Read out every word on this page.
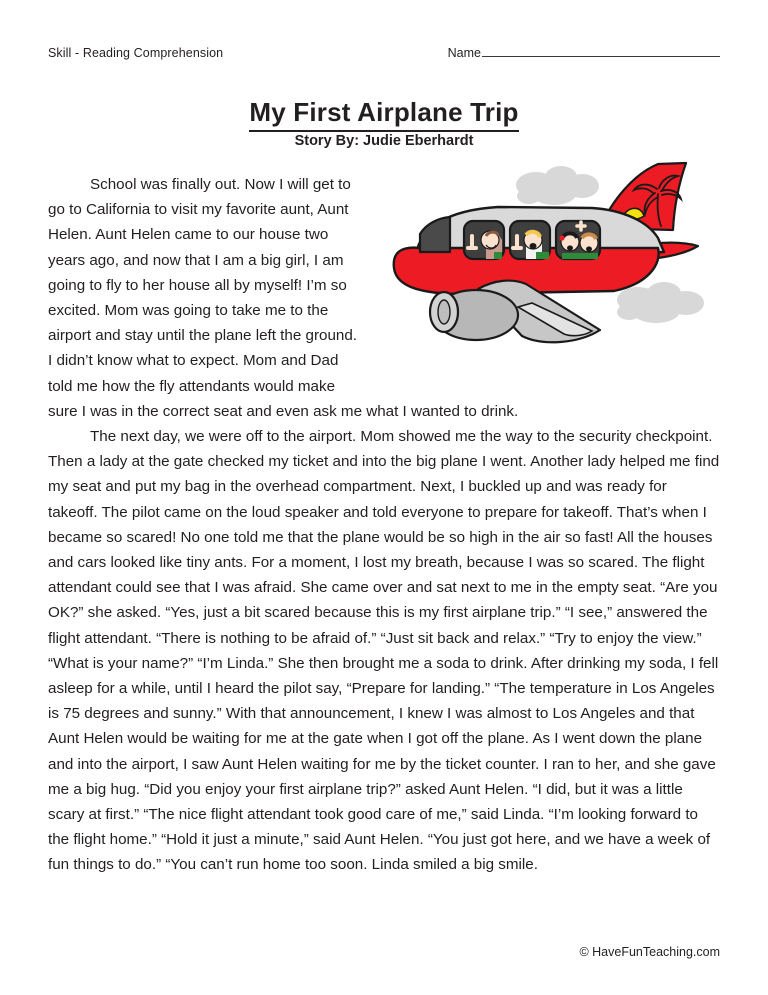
Skill - Reading Comprehension	Name
My First Airplane Trip
Story By: Judie Eberhardt

School was finally out. Now I will get to go to California to visit my favorite aunt, Aunt Helen. Aunt Helen came to our house two years ago, and now that I am a big girl, I am going to fly to her house all by myself! I’m so excited. Mom was going to take me to the airport and stay until the plane left the ground. I didn’t know what to expect. Mom and Dad told me how the fly attendants would make sure I was in the correct seat and even ask me what I wanted to drink.

The next day, we were off to the airport. Mom showed me the way to the security checkpoint. Then a lady at the gate checked my ticket and into the big plane I went. Another lady helped me find my seat and put my bag in the overhead compartment. Next, I buckled up and was ready for takeoff. The pilot came on the loud speaker and told everyone to prepare for takeoff. That’s when I became so scared! No one told me that the plane would be so high in the air so fast! All the houses and cars looked like tiny ants. For a moment, I lost my breath, because I was so scared. The flight attendant could see that I was afraid. She came over and sat next to me in the empty seat. “Are you OK?” she asked. “Yes, just a bit scared because this is my first airplane trip.” “I see,” answered the flight attendant. “There is nothing to be afraid of.” “Just sit back and relax.” “Try to enjoy the view.” “What is your name?” “I’m Linda.” She then brought me a soda to drink. After drinking my soda, I fell asleep for a while, until I heard the pilot say, “Prepare for landing.” “The temperature in Los Angeles is 75 degrees and sunny.” With that announcement, I knew I was almost to Los Angeles and that Aunt Helen would be waiting for me at the gate when I got off the plane. As I went down the plane and into the airport, I saw Aunt Helen waiting for me by the ticket counter. I ran to her, and she gave me a big hug. “Did you enjoy your first airplane trip?” asked Aunt Helen. “I did, but it was a little scary at first.” “The nice flight attendant took good care of me,” said Linda. “I’m looking forward to the flight home.” “Hold it just a minute,” said Aunt Helen. “You just got here, and we have a week of fun things to do.” “You can’t run home too soon. Linda smiled a big smile.

© HaveFunTeaching.com
